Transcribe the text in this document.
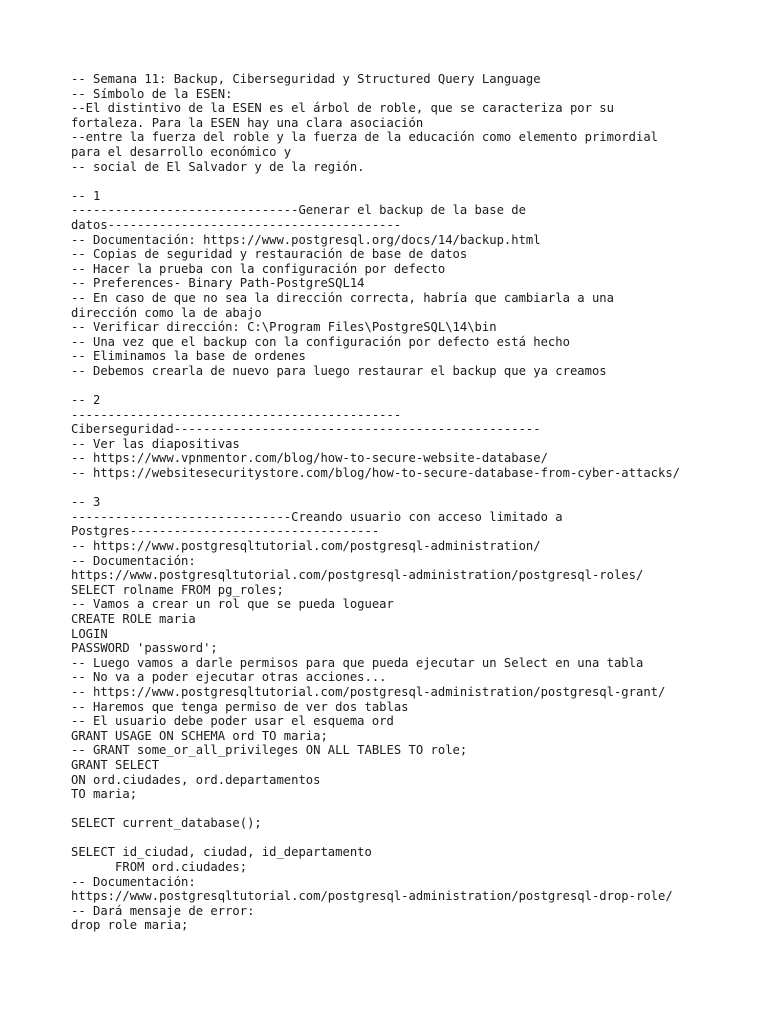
-- Semana 11: Backup, Ciberseguridad y Structured Query Language
-- Símbolo de la ESEN:
--El distintivo de la ESEN es el árbol de roble, que se caracteriza por su
fortaleza. Para la ESEN hay una clara asociación
--entre la fuerza del roble y la fuerza de la educación como elemento primordial
para el desarrollo económico y
-- social de El Salvador y de la región.
-- 1
-------------------------------Generar el backup de la base de
datos----------------------------------------
-- Documentación: https://www.postgresql.org/docs/14/backup.html
-- Copias de seguridad y restauración de base de datos
-- Hacer la prueba con la configuración por defecto
-- Preferences- Binary Path-PostgreSQL14
-- En caso de que no sea la dirección correcta, habría que cambiarla a una
dirección como la de abajo
-- Verificar dirección: C:\Program Files\PostgreSQL\14\bin
-- Una vez que el backup con la configuración por defecto está hecho
-- Eliminamos la base de ordenes
-- Debemos crearla de nuevo para luego restaurar el backup que ya creamos
-- 2
---------------------------------------------
Ciberseguridad--------------------------------------------------
-- Ver las diapositivas
-- https://www.vpnmentor.com/blog/how-to-secure-website-database/
-- https://websitesecuritystore.com/blog/how-to-secure-database-from-cyber-attacks/
-- 3
------------------------------Creando usuario con acceso limitado a
Postgres----------------------------------
-- https://www.postgresqltutorial.com/postgresql-administration/
-- Documentación:
https://www.postgresqltutorial.com/postgresql-administration/postgresql-roles/
SELECT rolname FROM pg_roles;
-- Vamos a crear un rol que se pueda loguear
CREATE ROLE maria
LOGIN
PASSWORD 'password';
-- Luego vamos a darle permisos para que pueda ejecutar un Select en una tabla
-- No va a poder ejecutar otras acciones...
-- https://www.postgresqltutorial.com/postgresql-administration/postgresql-grant/
-- Haremos que tenga permiso de ver dos tablas
-- El usuario debe poder usar el esquema ord
GRANT USAGE ON SCHEMA ord TO maria;
-- GRANT some_or_all_privileges ON ALL TABLES TO role;
GRANT SELECT
ON ord.ciudades, ord.departamentos
TO maria;
SELECT current_database();
SELECT id_ciudad, ciudad, id_departamento
FROM ord.ciudades;
-- Documentación:
https://www.postgresqltutorial.com/postgresql-administration/postgresql-drop-role/
-- Dará mensaje de error:
drop role maria;
